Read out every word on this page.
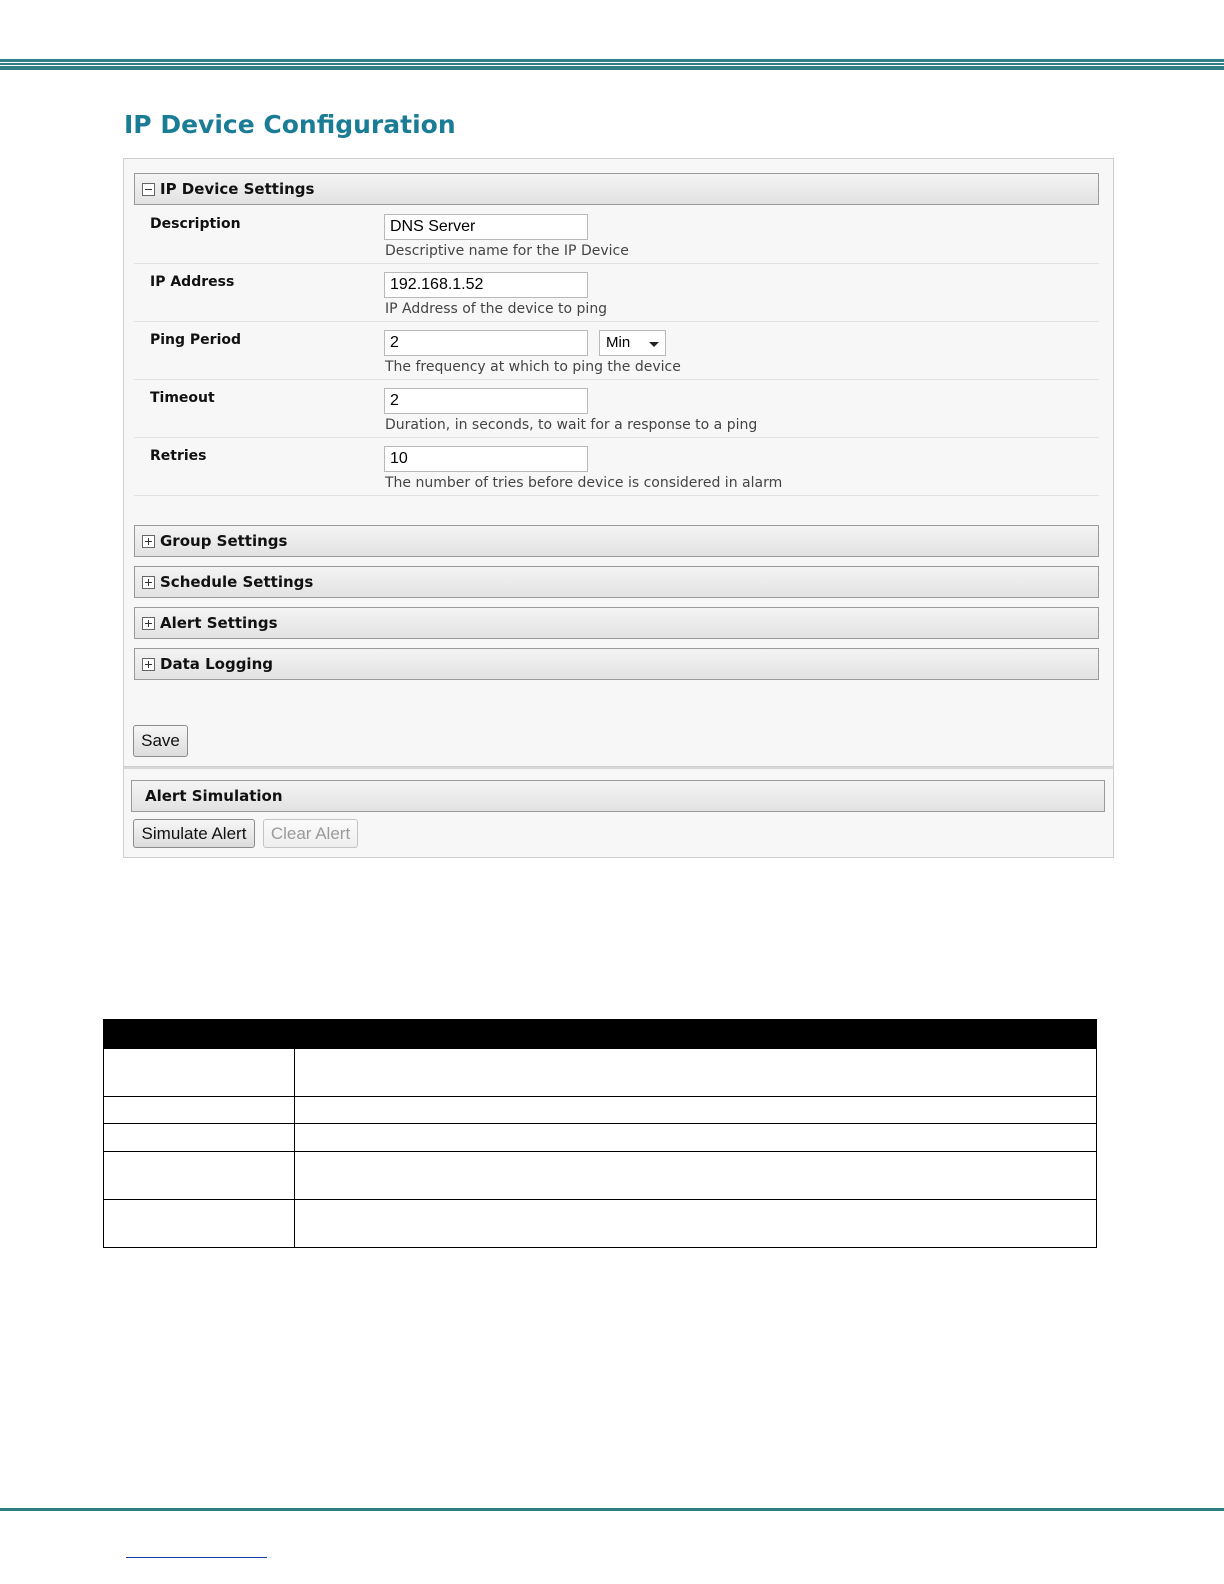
IP Device Configuration
IP Device Settings
Description	DNS Server
Descriptive name for the IP Device
IP Address	192.168.1.52
IP Address of the device to ping
Ping Period	2	Min
The frequency at which to ping the device
Timeout	2
Duration, in seconds, to wait for a response to a ping
Retries	10
The number of tries before device is considered in alarm
Group Settings
Schedule Settings
Alert Settings
Data Logging
Save
Alert Simulation
Simulate Alert	Clear Alert
